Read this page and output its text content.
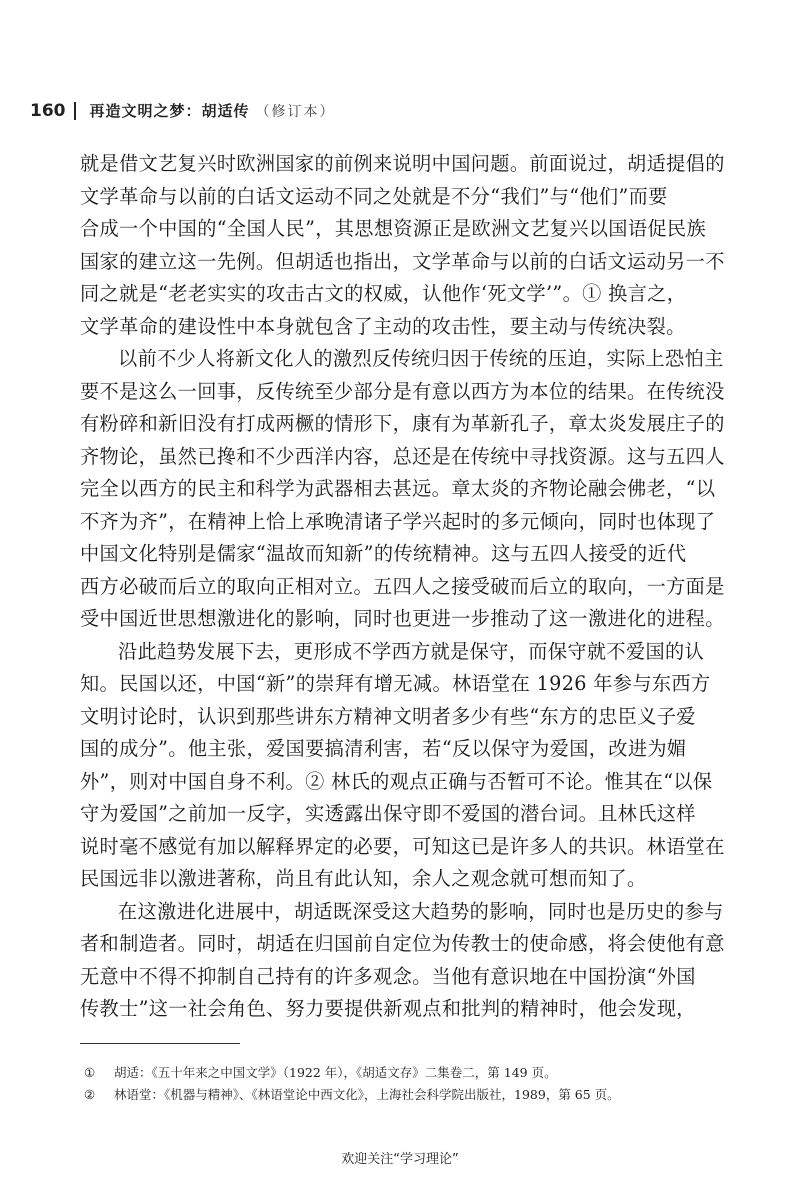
160 再造文明之梦：胡适传 （修订本）
就是借文艺复兴时欧洲国家的前例来说明中国问题。前面说过，胡适提倡的
文学革命与以前的白话文运动不同之处就是不分“我们”与“他们”而要
合成一个中国的“全国人民”，其思想资源正是欧洲文艺复兴以国语促民族
国家的建立这一先例。但胡适也指出，文学革命与以前的白话文运动另一不
同之就是“老老实实的攻击古文的权威，认他作‘死文学’”。① 换言之，
文学革命的建设性中本身就包含了主动的攻击性，要主动与传统决裂。
以前不少人将新文化人的激烈反传统归因于传统的压迫，实际上恐怕主
要不是这么一回事，反传统至少部分是有意以西方为本位的结果。在传统没
有粉碎和新旧没有打成两橛的情形下，康有为革新孔子，章太炎发展庄子的
齐物论，虽然已搀和不少西洋内容，总还是在传统中寻找资源。这与五四人
完全以西方的民主和科学为武器相去甚远。章太炎的齐物论融会佛老，“以
不齐为齐”，在精神上恰上承晚清诸子学兴起时的多元倾向，同时也体现了
中国文化特别是儒家“温故而知新”的传统精神。这与五四人接受的近代
西方必破而后立的取向正相对立。五四人之接受破而后立的取向，一方面是
受中国近世思想激进化的影响，同时也更进一步推动了这一激进化的进程。
沿此趋势发展下去，更形成不学西方就是保守，而保守就不爱国的认
知。民国以还，中国“新”的崇拜有增无减。林语堂在 1926 年参与东西方
文明讨论时，认识到那些讲东方精神文明者多少有些“东方的忠臣义子爱
国的成分”。他主张，爱国要搞清利害，若“反以保守为爱国，改进为媚
外”，则对中国自身不利。② 林氏的观点正确与否暂可不论。惟其在“以保
守为爱国”之前加一反字，实透露出保守即不爱国的潜台词。且林氏这样
说时毫不感觉有加以解释界定的必要，可知这已是许多人的共识。林语堂在
民国远非以激进著称，尚且有此认知，余人之观念就可想而知了。
在这激进化进展中，胡适既深受这大趋势的影响，同时也是历史的参与
者和制造者。同时，胡适在归国前自定位为传教士的使命感，将会使他有意
无意中不得不抑制自己持有的许多观念。当他有意识地在中国扮演“外国
传教士”这一社会角色、努力要提供新观点和批判的精神时，他会发现，
① 胡适：《五十年来之中国文学》（1922 年），《胡适文存》二集卷二，第 149 页。
② 林语堂：《机器与精神》、《林语堂论中西文化》，上海社会科学院出版社，1989，第 65 页。
欢迎关注“学习理论”
